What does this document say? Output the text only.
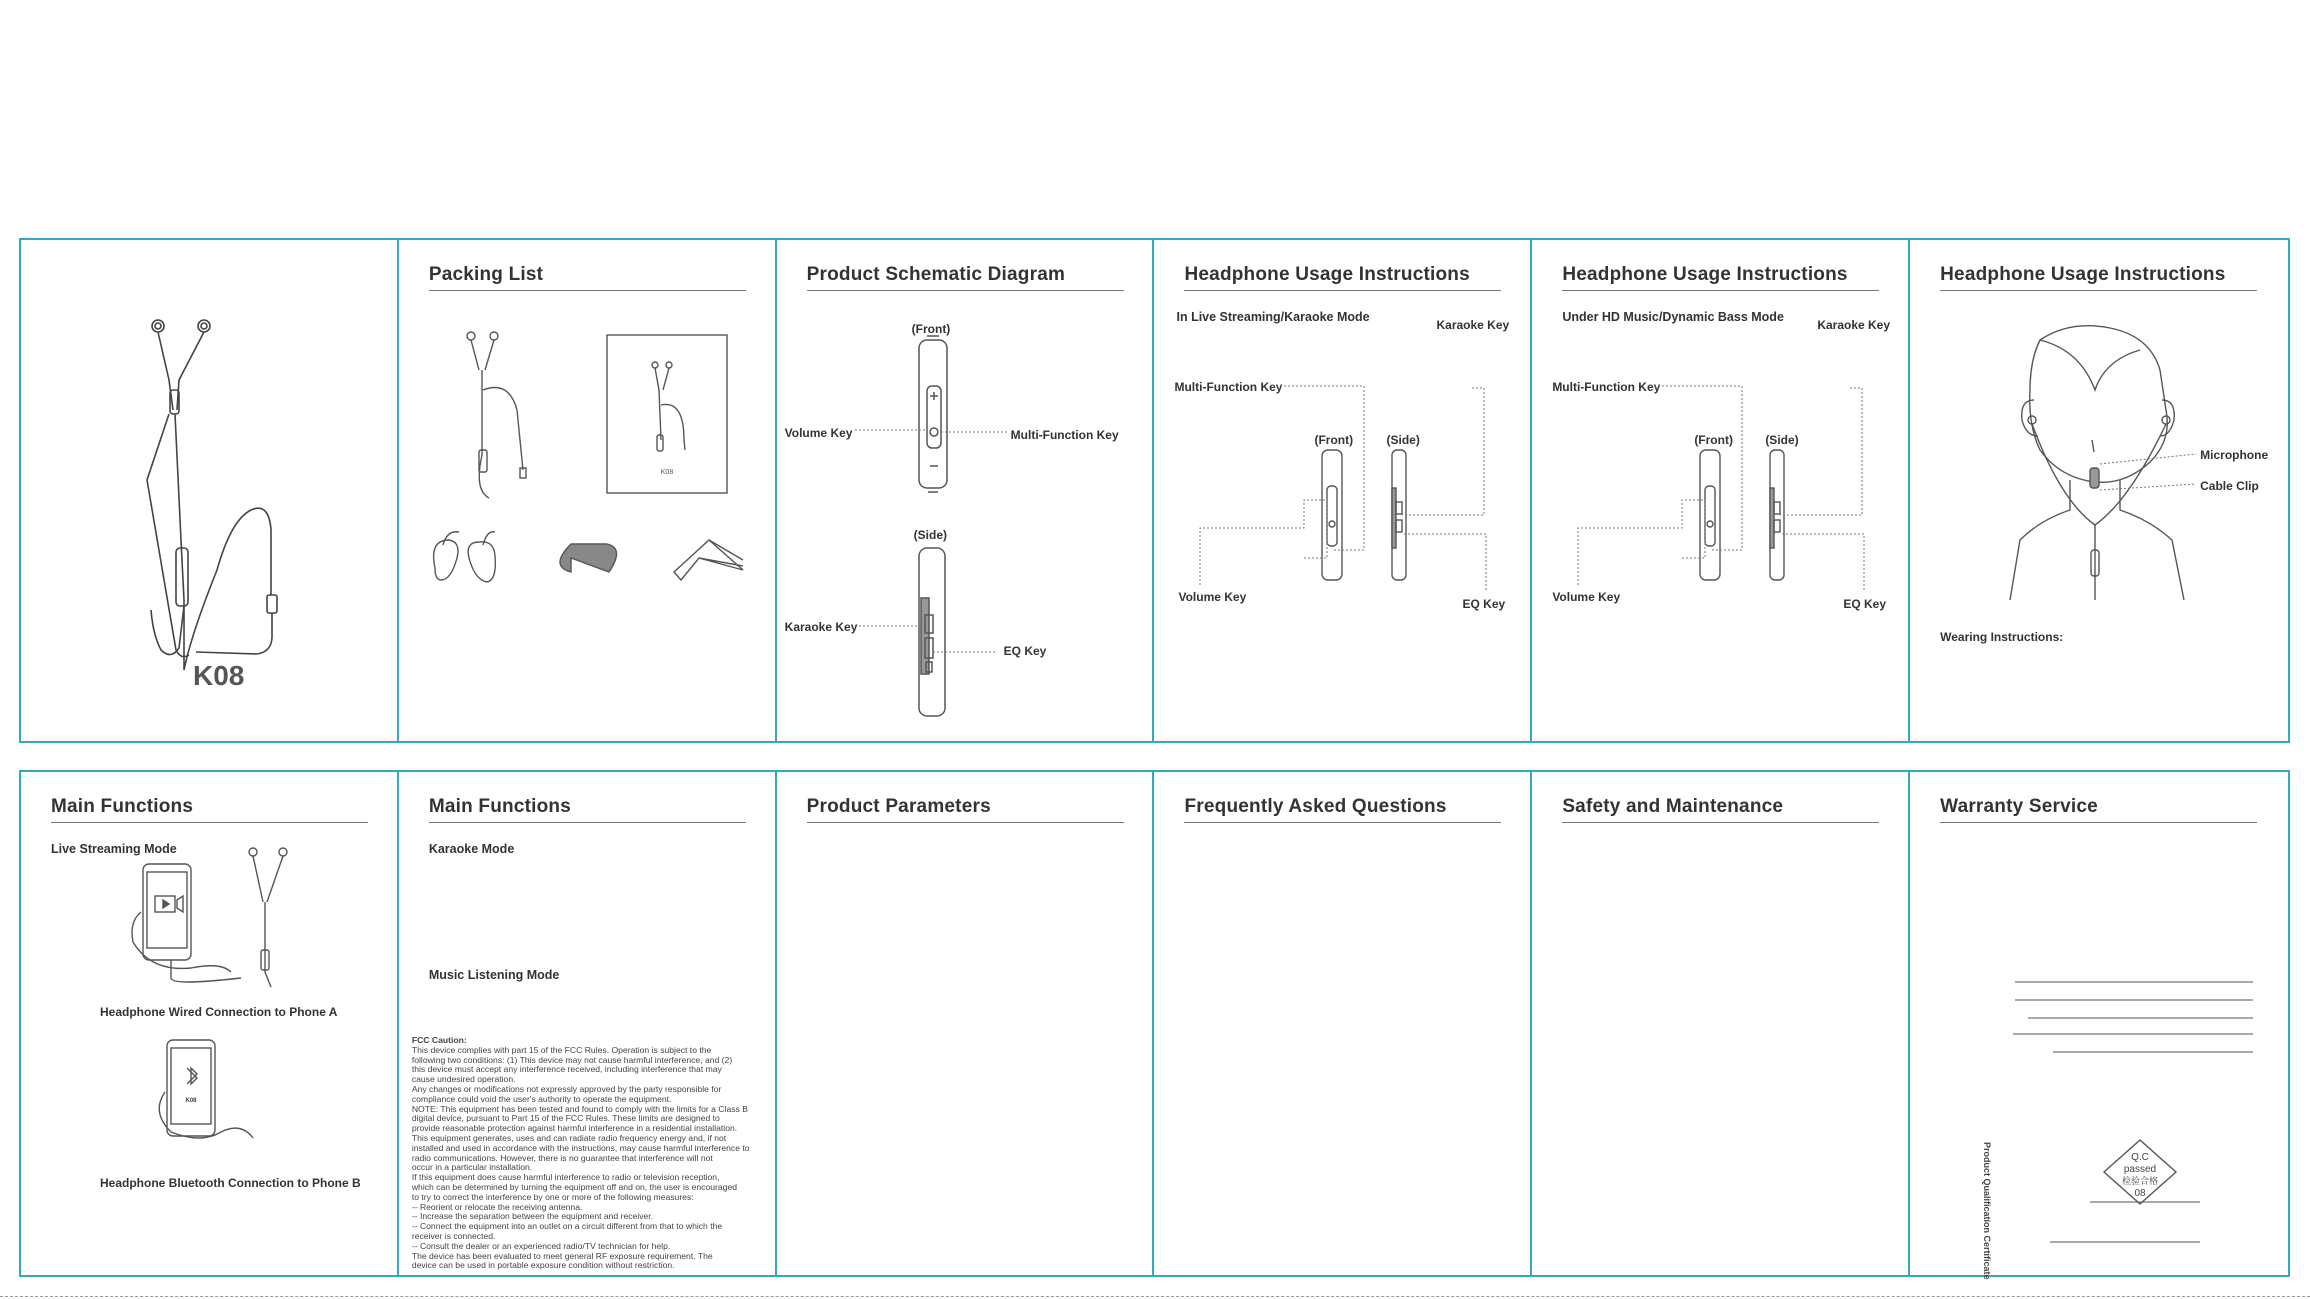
K08
Packing List
K08
Product Schematic Diagram
(Front)
(Side)
Volume Key	Multi-Function Key
Karaoke Key
EQ Key
Headphone Usage Instructions
In Live Streaming/Karaoke Mode
Karaoke Key
Multi-Function Key
(Front)	(Side)
Volume Key	EQ Key
Headphone Usage Instructions
Under HD Music/Dynamic Bass Mode
Karaoke Key
Multi-Function Key
(Front)	(Side)
Volume Key	EQ Key
Headphone Usage Instructions
Microphone
Cable Clip
Wearing Instructions:
Main Functions
Live Streaming Mode
Headphone Wired Connection to Phone A
Headphone Bluetooth Connection to Phone B
K08
Main Functions
Karaoke Mode
Music Listening Mode
FCC Caution:

This device complies with part 15 of the FCC Rules. Operation is subject to the
following two conditions: (1) This device may not cause harmful interference, and (2)
this device must accept any interference received, including interference that may
cause undesired operation.
Any changes or modifications not expressly approved by the party responsible for
compliance could void the user's authority to operate the equipment.
NOTE: This equipment has been tested and found to comply with the limits for a Class B
digital device, pursuant to Part 15 of the FCC Rules. These limits are designed to
provide reasonable protection against harmful interference in a residential installation.
This equipment generates, uses and can radiate radio frequency energy and, if not
installed and used in accordance with the instructions, may cause harmful interference to
radio communications. However, there is no guarantee that interference will not
occur in a particular installation.
If this equipment does cause harmful interference to radio or television reception,
which can be determined by turning the equipment off and on, the user is encouraged
to try to correct the interference by one or more of the following measures:
-- Reorient or relocate the receiving antenna.
-- Increase the separation between the equipment and receiver.
-- Connect the equipment into an outlet on a circuit different from that to which the
receiver is connected.
-- Consult the dealer or an experienced radio/TV technician for help.
The device has been evaluated to meet general RF exposure requirement. The
device can be used in portable exposure condition without restriction.

Product Parameters	Frequently Asked Questions	Safety and Maintenance	Warranty Service
Product Qualification Certificate	Q.C
passed
检验合格
08
